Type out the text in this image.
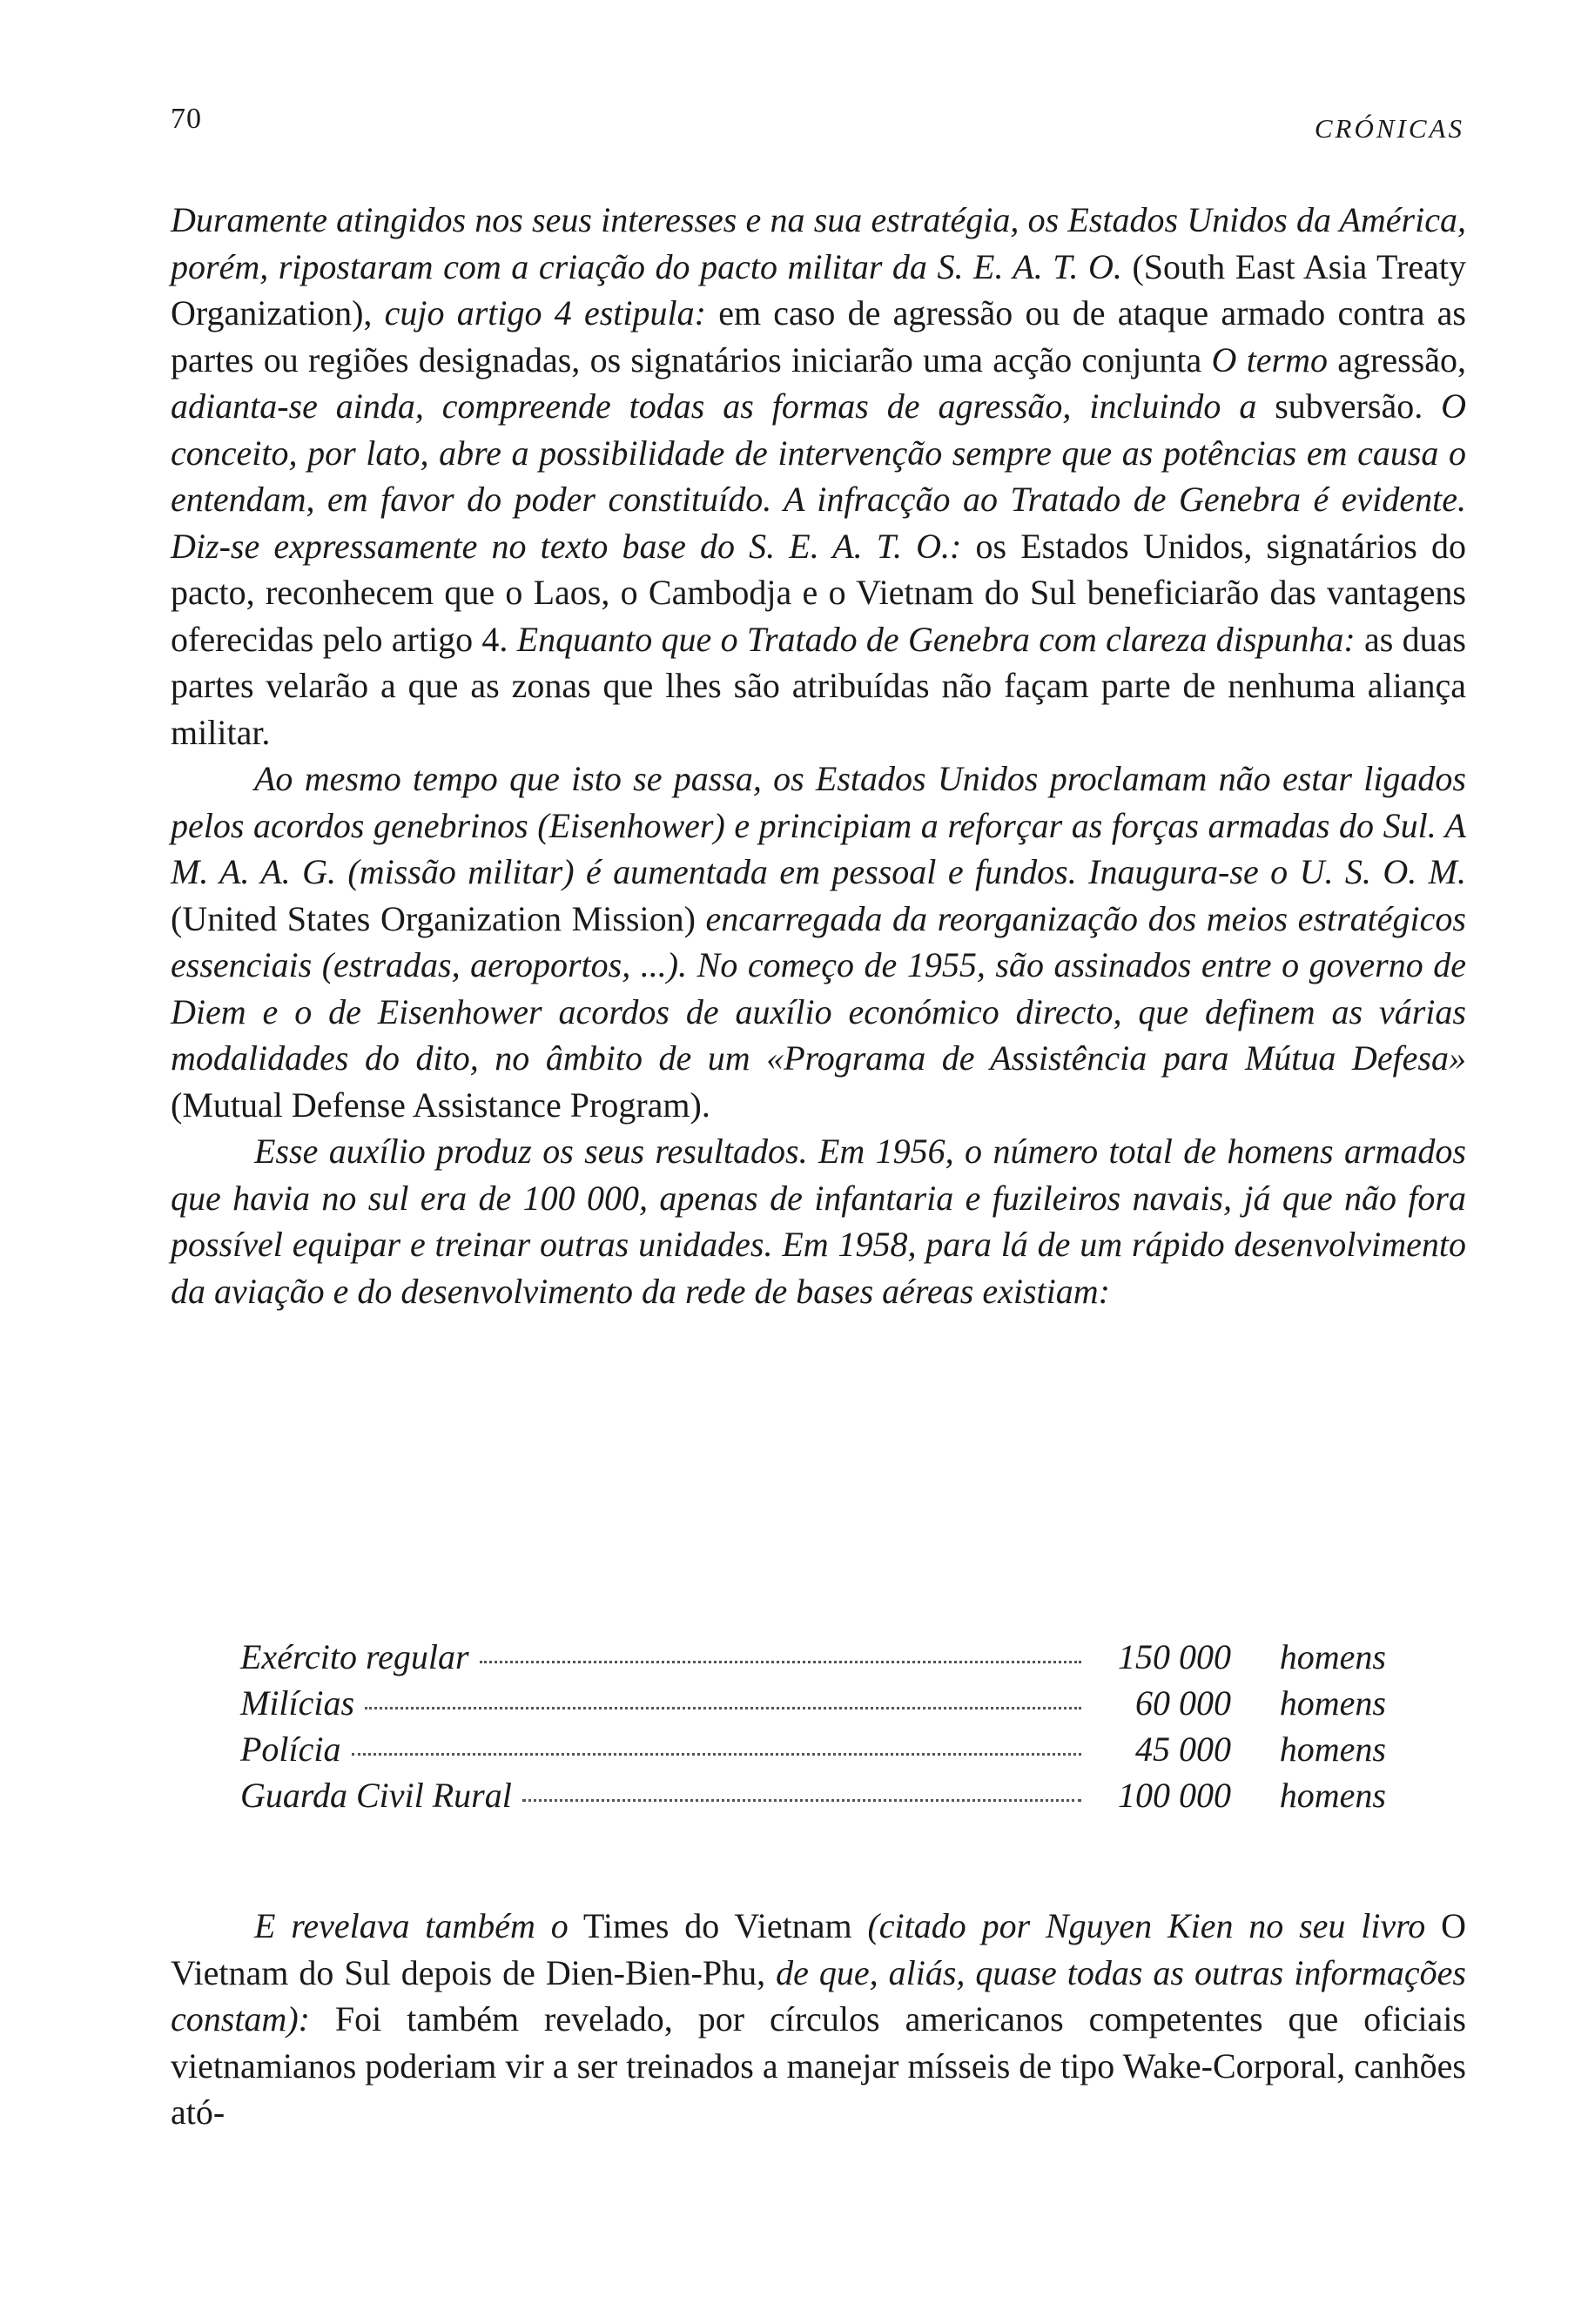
70	CRÓNICAS

Duramente atingidos nos seus interesses e na sua estratégia, os Estados Unidos da América, porém, ripostaram com a criação do pacto militar da S. E. A. T. O. (South East Asia Treaty Organization), cujo artigo 4 estipula: em caso de agressão ou de ataque armado contra as partes ou regiões designadas, os signatários iniciarão uma acção conjunta O termo agressão, adianta-se ainda, compreende todas as formas de agressão, incluindo a subversão. O conceito, por lato, abre a possibilidade de intervenção sempre que as potências em causa o entendam, em favor do poder constituído. A infracção ao Tratado de Genebra é evidente. Diz-se expressamente no texto base do S. E. A. T. O.: os Estados Unidos, signatários do pacto, reconhecem que o Laos, o Cambodja e o Vietnam do Sul beneficiarão das vantagens oferecidas pelo artigo 4. Enquanto que o Tratado de Genebra com clareza dispunha: as duas partes velarão a que as zonas que lhes são atribuídas não façam parte de nenhuma aliança militar.

Ao mesmo tempo que isto se passa, os Estados Unidos proclamam não estar ligados pelos acordos genebrinos (Eisenhower) e principiam a reforçar as forças armadas do Sul. A M. A. A. G. (missão militar) é aumentada em pessoal e fundos. Inaugura-se o U. S. O. M. (United States Organization Mission) encarregada da reorganização dos meios estratégicos essenciais (estradas, aeroportos, ...). No começo de 1955, são assinados entre o governo de Diem e o de Eisenhower acordos de auxílio económico directo, que definem as várias modalidades do dito, no âmbito de um «Programa de Assistência para Mútua Defesa» (Mutual Defense Assistance Program).

Esse auxílio produz os seus resultados. Em 1956, o número total de homens armados que havia no sul era de 100 000, apenas de infantaria e fuzileiros navais, já que não fora possível equipar e treinar outras unidades. Em 1958, para lá de um rápido desenvolvimento da aviação e do desenvolvimento da rede de bases aéreas existiam:

Exército regular	150 000	homens
Milícias	60 000	homens
Polícia	45 000	homens
Guarda Civil Rural	100 000	homens

E revelava também o Times do Vietnam (citado por Nguyen Kien no seu livro O Vietnam do Sul depois de Dien-Bien-Phu, de que, aliás, quase todas as outras informações constam): Foi também revelado, por círculos americanos competentes que oficiais vietnamianos poderiam vir a ser treinados a manejar mísseis de tipo Wake-Corporal, canhões ató-
